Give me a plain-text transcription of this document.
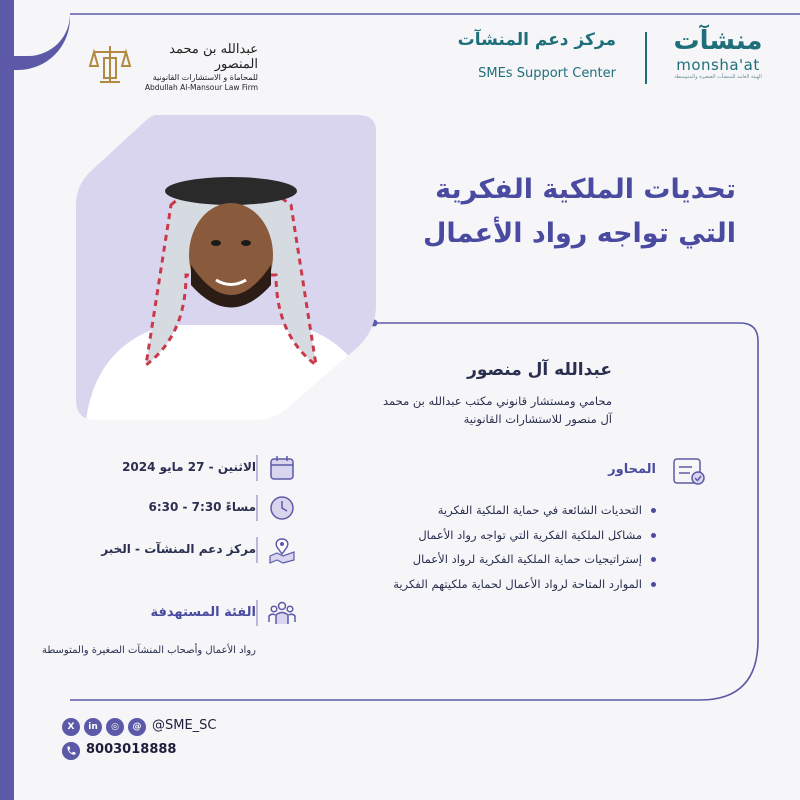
عبدالله بن محمد المنصور
للمحاماة و الاستشارات القانونية
Abdullah Al-Mansour Law Firm
مركز دعم المنشآت
SMEs Support Center
منشآت
monsha'at
الهيئة العامة للمنشآت الصغيرة والمتوسطة
تحديات الملكية الفكرية
التي تواجه رواد الأعمال
عبدالله آل منصور
محامي ومستشار قانوني مكتب عبدالله بن محمد
آل منصور للاستشارات القانونية
المحاور
التحديات الشائعة في حماية الملكية الفكرية
مشاكل الملكية الفكرية التي تواجه رواد الأعمال
إستراتيجيات حماية الملكية الفكرية لرواد الأعمال
الموارد المتاحة لرواد الأعمال لحماية ملكيتهم الفكرية
الاثنين - 27 مايو 2024
6:30 - 7:30 مساءً
مركز دعم المنشآت - الخبر
الفئة المستهدفة
رواد الأعمال وأصحاب المنشآت الصغيرة والمتوسطة
X	in	◎	@ @SME_SC
8003018888
